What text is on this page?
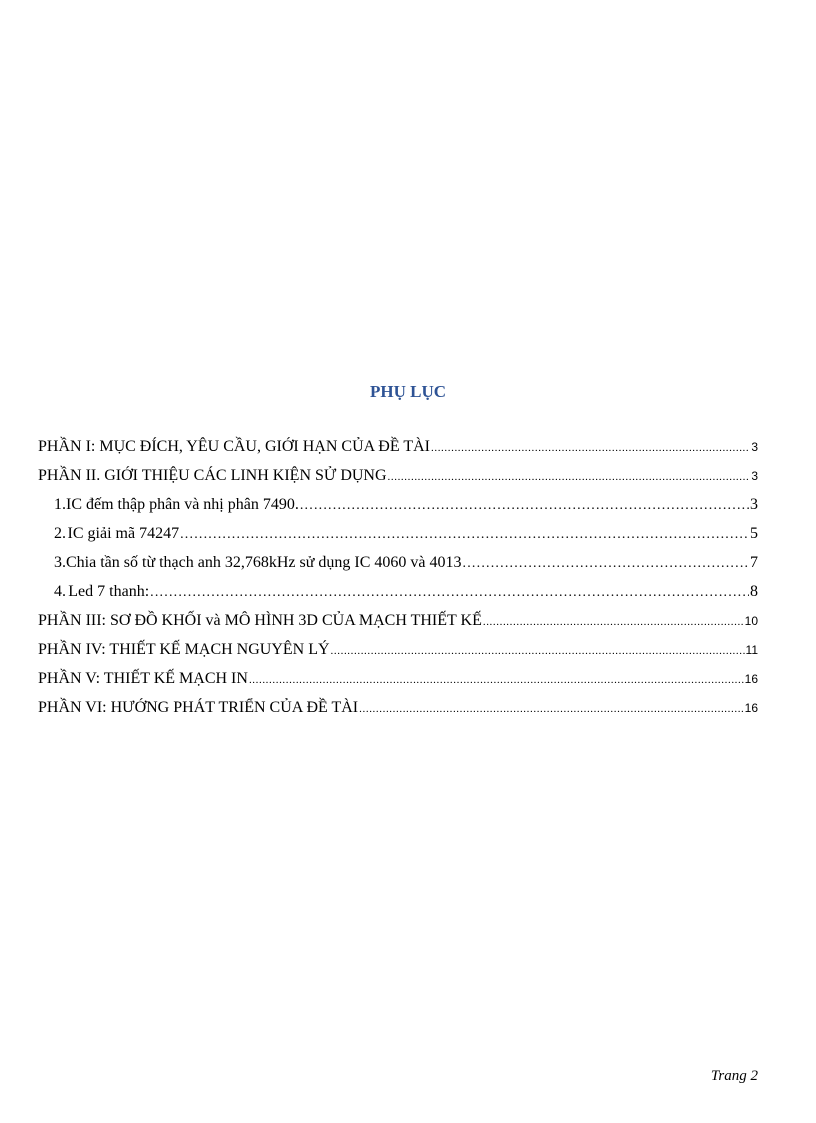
PHỤ LỤC
PHẦN I: MỤC ĐÍCH, YÊU CẦU, GIỚI HẠN CỦA ĐỀ TÀI .....	3
PHẦN II. GIỚI THIỆU CÁC LINH KIỆN SỬ DỤNG .....	3
1. IC đếm thập phân và nhị phân 7490. .....	3
2. IC giải mã 74247 .....	5
3. Chia tần số từ thạch anh 32,768kHz sử dụng IC 4060 và 4013 .....	7
4. Led 7 thanh: .....	8
PHẦN III: SƠ ĐỒ KHỐI và MÔ HÌNH 3D CỦA MẠCH THIẾT KẾ .....	10
PHẦN IV: THIẾT KẾ MẠCH NGUYÊN LÝ .....	11
PHẦN V: THIẾT KẾ MẠCH IN .....	16
PHẦN VI: HƯỚNG PHÁT TRIỂN CỦA ĐỀ TÀI .....	16
Trang 2
